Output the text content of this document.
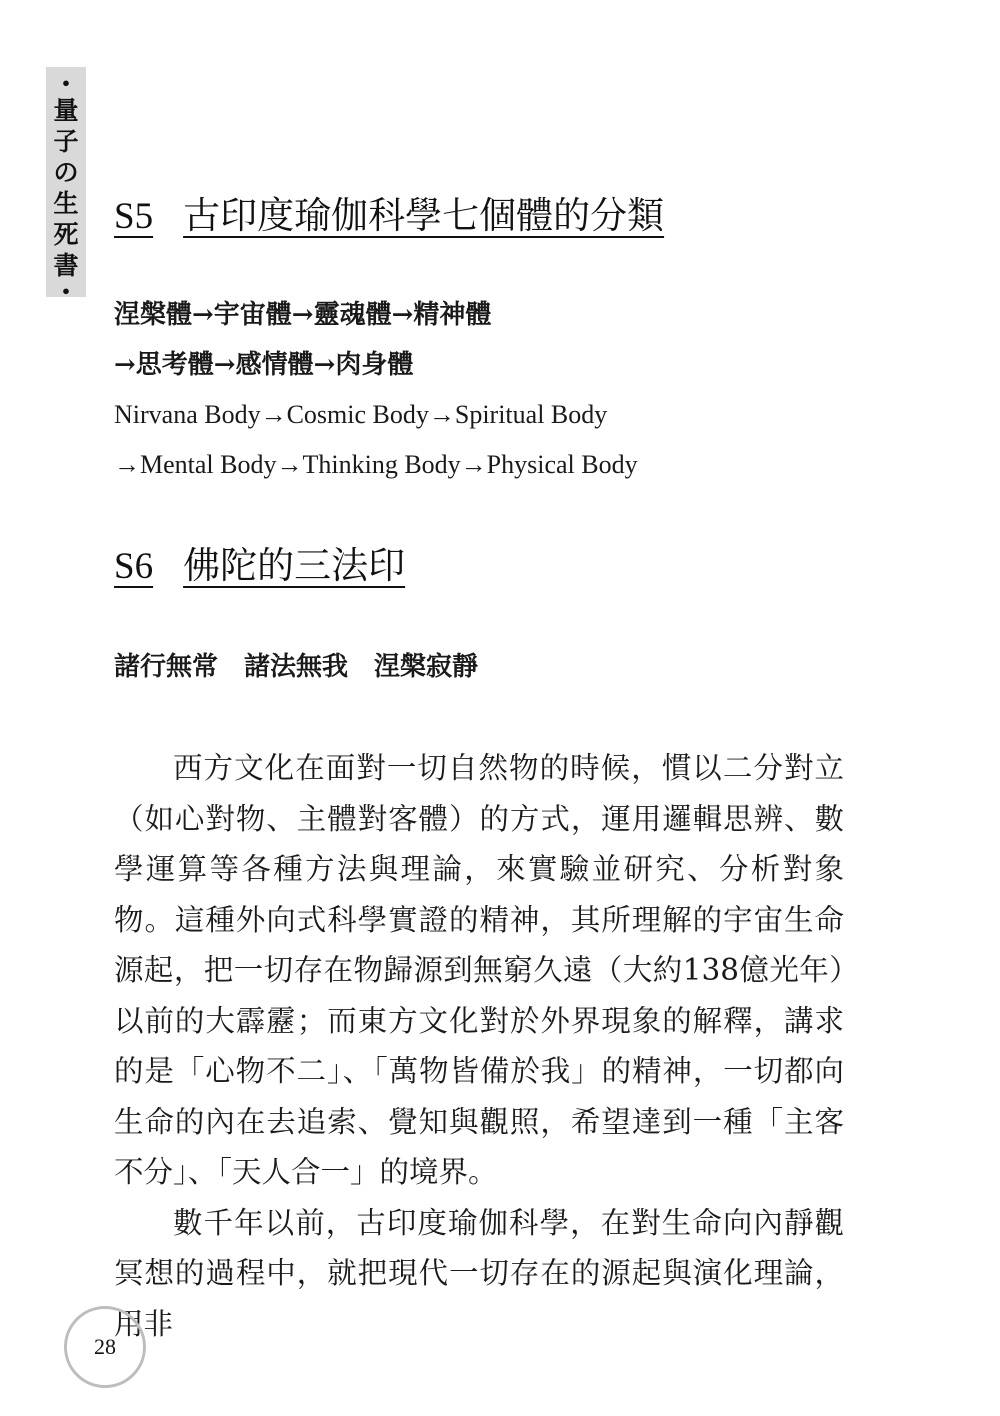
•
量
子
の
生
死
書
•
S5 古印度瑜伽科學七個體的分類

涅槃體→宇宙體→靈魂體→精神體

→思考體→感情體→肉身體

Nirvana Body→Cosmic Body→Spiritual Body

→Mental Body→Thinking Body→Physical Body

S6 佛陀的三法印

諸行無常　諸法無我　涅槃寂靜

西方文化在面對一切自然物的時候，慣以二分對立（如心對物、主體對客體）的方式，運用邏輯思辨、數學運算等各種方法與理論，來實驗並研究、分析對象物。這種外向式科學實證的精神，其所理解的宇宙生命源起，把一切存在物歸源到無窮久遠（大約138億光年）以前的大霹靂；而東方文化對於外界現象的解釋，講求的是「心物不二」、「萬物皆備於我」的精神，一切都向生命的內在去追索、覺知與觀照，希望達到一種「主客不分」、「天人合一」的境界。

數千年以前，古印度瑜伽科學，在對生命向內靜觀冥想的過程中，就把現代一切存在的源起與演化理論，用非

28
